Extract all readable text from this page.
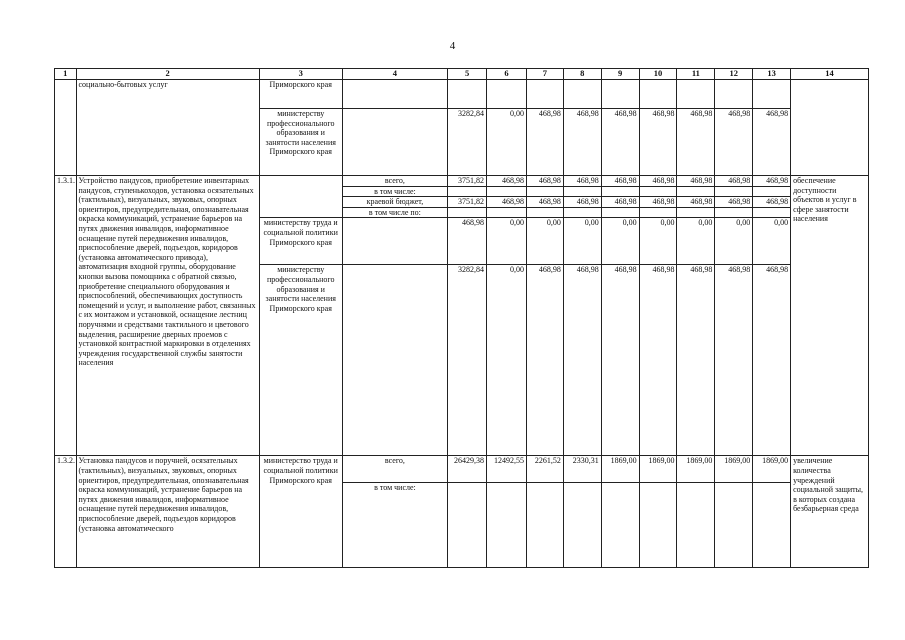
4
1	2	3	4	5	6	7	8	9	10	11	12	13	14
	социально-бытовых услуг	Приморского края											
		министерству профессионального образования и занятости населения Приморского края		3282,84	0,00	468,98	468,98	468,98	468,98	468,98	468,98	468,98	
1.3.1.	Устройство пандусов, приобретение инвентарных пандусов, ступенькоходов, установка осязательных (тактильных), визуальных, звуковых, опорных ориентиров, предупредительная, опознавательная окраска коммуникаций, устранение барьеров на путях движения инвалидов, информативное оснащение путей передвижения инвалидов, приспособление дверей, подъездов, коридоров (установка автоматического привода), автоматизация входной группы, оборудование кнопки вызова помощника с обратной связью, приобретение специального оборудования и приспособлений, обеспечивающих доступность помещений и услуг, и выполнение работ, связанных с их монтажом и установкой, оснащение лестниц поручнями и средствами тактильного и цветового выделения, расширение дверных проемов с установкой контрастной маркировки в отделениях учреждения государственной службы занятости населения		всего,	3751,82	468,98	468,98	468,98	468,98	468,98	468,98	468,98	468,98	обеспечение доступности объектов и услуг в сфере занятости населения
			в том числе:										
			краевой бюджет,	3751,82	468,98	468,98	468,98	468,98	468,98	468,98	468,98	468,98	
			в том числе по:										
		министерству труда и социальной политики Приморского края		468,98	0,00	0,00	0,00	0,00	0,00	0,00	0,00	0,00	
		министерству профессионального образования и занятости населения Приморского края		3282,84	0,00	468,98	468,98	468,98	468,98	468,98	468,98	468,98	
1.3.2.	Установка пандусов и поручней, осязательных (тактильных), визуальных, звуковых, опорных ориентиров, предупредительная, опознавательная окраска коммуникаций, устранение барьеров на путях движения инвалидов, информативное оснащение путей передвижения инвалидов, приспособление дверей, подъездов коридоров (установка автоматического	министерство труда и социальной политики Приморского края	всего,	26429,38	12492,55	2261,52	2330,31	1869,00	1869,00	1869,00	1869,00	1869,00	увеличение количества учреждений социальной защиты, в которых создана безбарьерная среда
			в том числе:										
